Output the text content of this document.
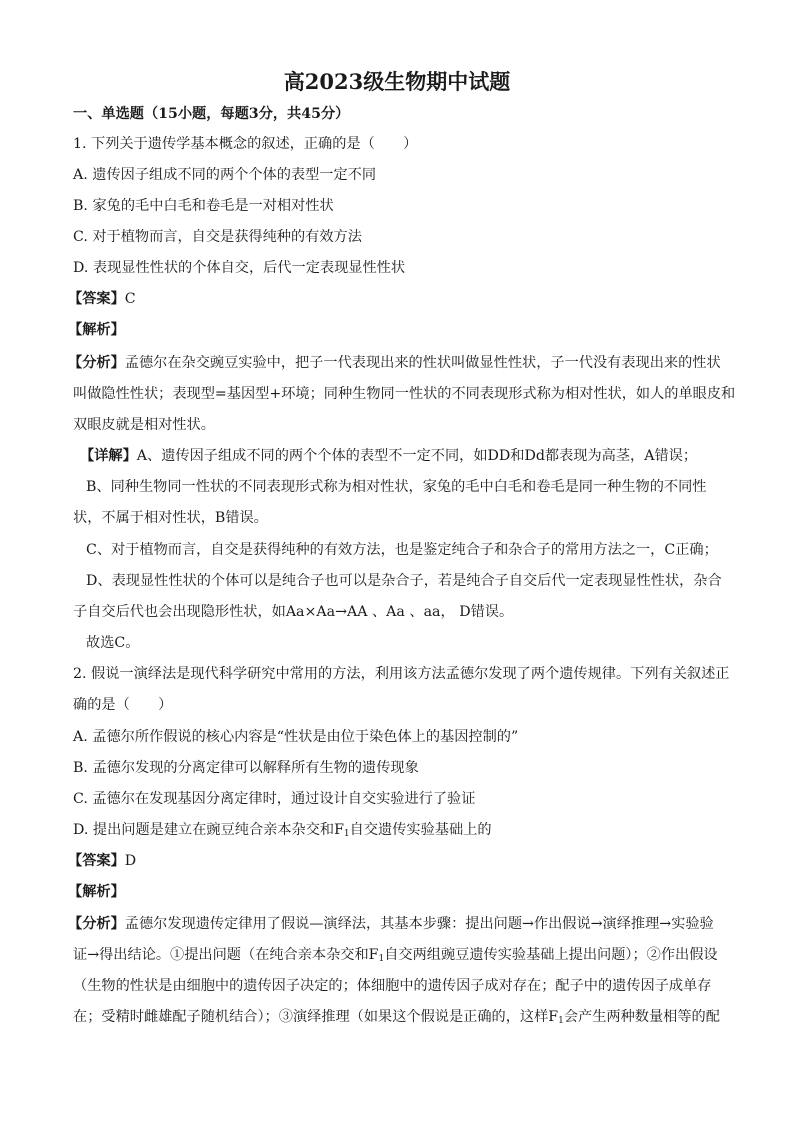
高2023级生物期中试题
一、单选题（15小题，每题3分，共45分）
1. 下列关于遗传学基本概念的叙述，正确的是（　　）
A. 遗传因子组成不同的两个个体的表型一定不同
B. 家兔的毛中白毛和卷毛是一对相对性状
C. 对于植物而言，自交是获得纯种的有效方法
D. 表现显性性状的个体自交，后代一定表现显性性状
【答案】C
【解析】
【分析】孟德尔在杂交豌豆实验中，把子一代表现出来的性状叫做显性性状，子一代没有表现出来的性状
叫做隐性性状；表现型=基因型+环境；同种生物同一性状的不同表现形式称为相对性状，如人的单眼皮和
双眼皮就是相对性状。
【详解】A、遗传因子组成不同的两个个体的表型不一定不同，如DD和Dd都表现为高茎，A错误；
B、同种生物同一性状的不同表现形式称为相对性状，家兔的毛中白毛和卷毛是同一种生物的不同性
状，不属于相对性状，B错误。
C、对于植物而言，自交是获得纯种的有效方法，也是鉴定纯合子和杂合子的常用方法之一，C正确；
D、表现显性性状的个体可以是纯合子也可以是杂合子，若是纯合子自交后代一定表现显性性状，杂合
子自交后代也会出现隐形性状，如Aa×Aa→AA 、Aa 、aa， D错误。
故选C。
2. 假说一演绎法是现代科学研究中常用的方法，利用该方法孟德尔发现了两个遗传规律。下列有关叙述正
确的是（　　）
A. 孟德尔所作假说的核心内容是“性状是由位于染色体上的基因控制的”
B. 孟德尔发现的分离定律可以解释所有生物的遗传现象
C. 孟德尔在发现基因分离定律时，通过设计自交实验进行了验证
D. 提出问题是建立在豌豆纯合亲本杂交和$F_1$自交遗传实验基础上的
【答案】D
【解析】
【分析】孟德尔发现遗传定律用了假说—演绎法，其基本步骤：提出问题→作出假说→演绎推理→实验验
证→得出结论。①提出问题（在纯合亲本杂交和$F_1$自交两组豌豆遗传实验基础上提出问题）；②作出假设
（生物的性状是由细胞中的遗传因子决定的；体细胞中的遗传因子成对存在；配子中的遗传因子成单存
在；受精时雌雄配子随机结合）；③演绎推理（如果这个假说是正确的，这样$F_1$会产生两种数量相等的配
